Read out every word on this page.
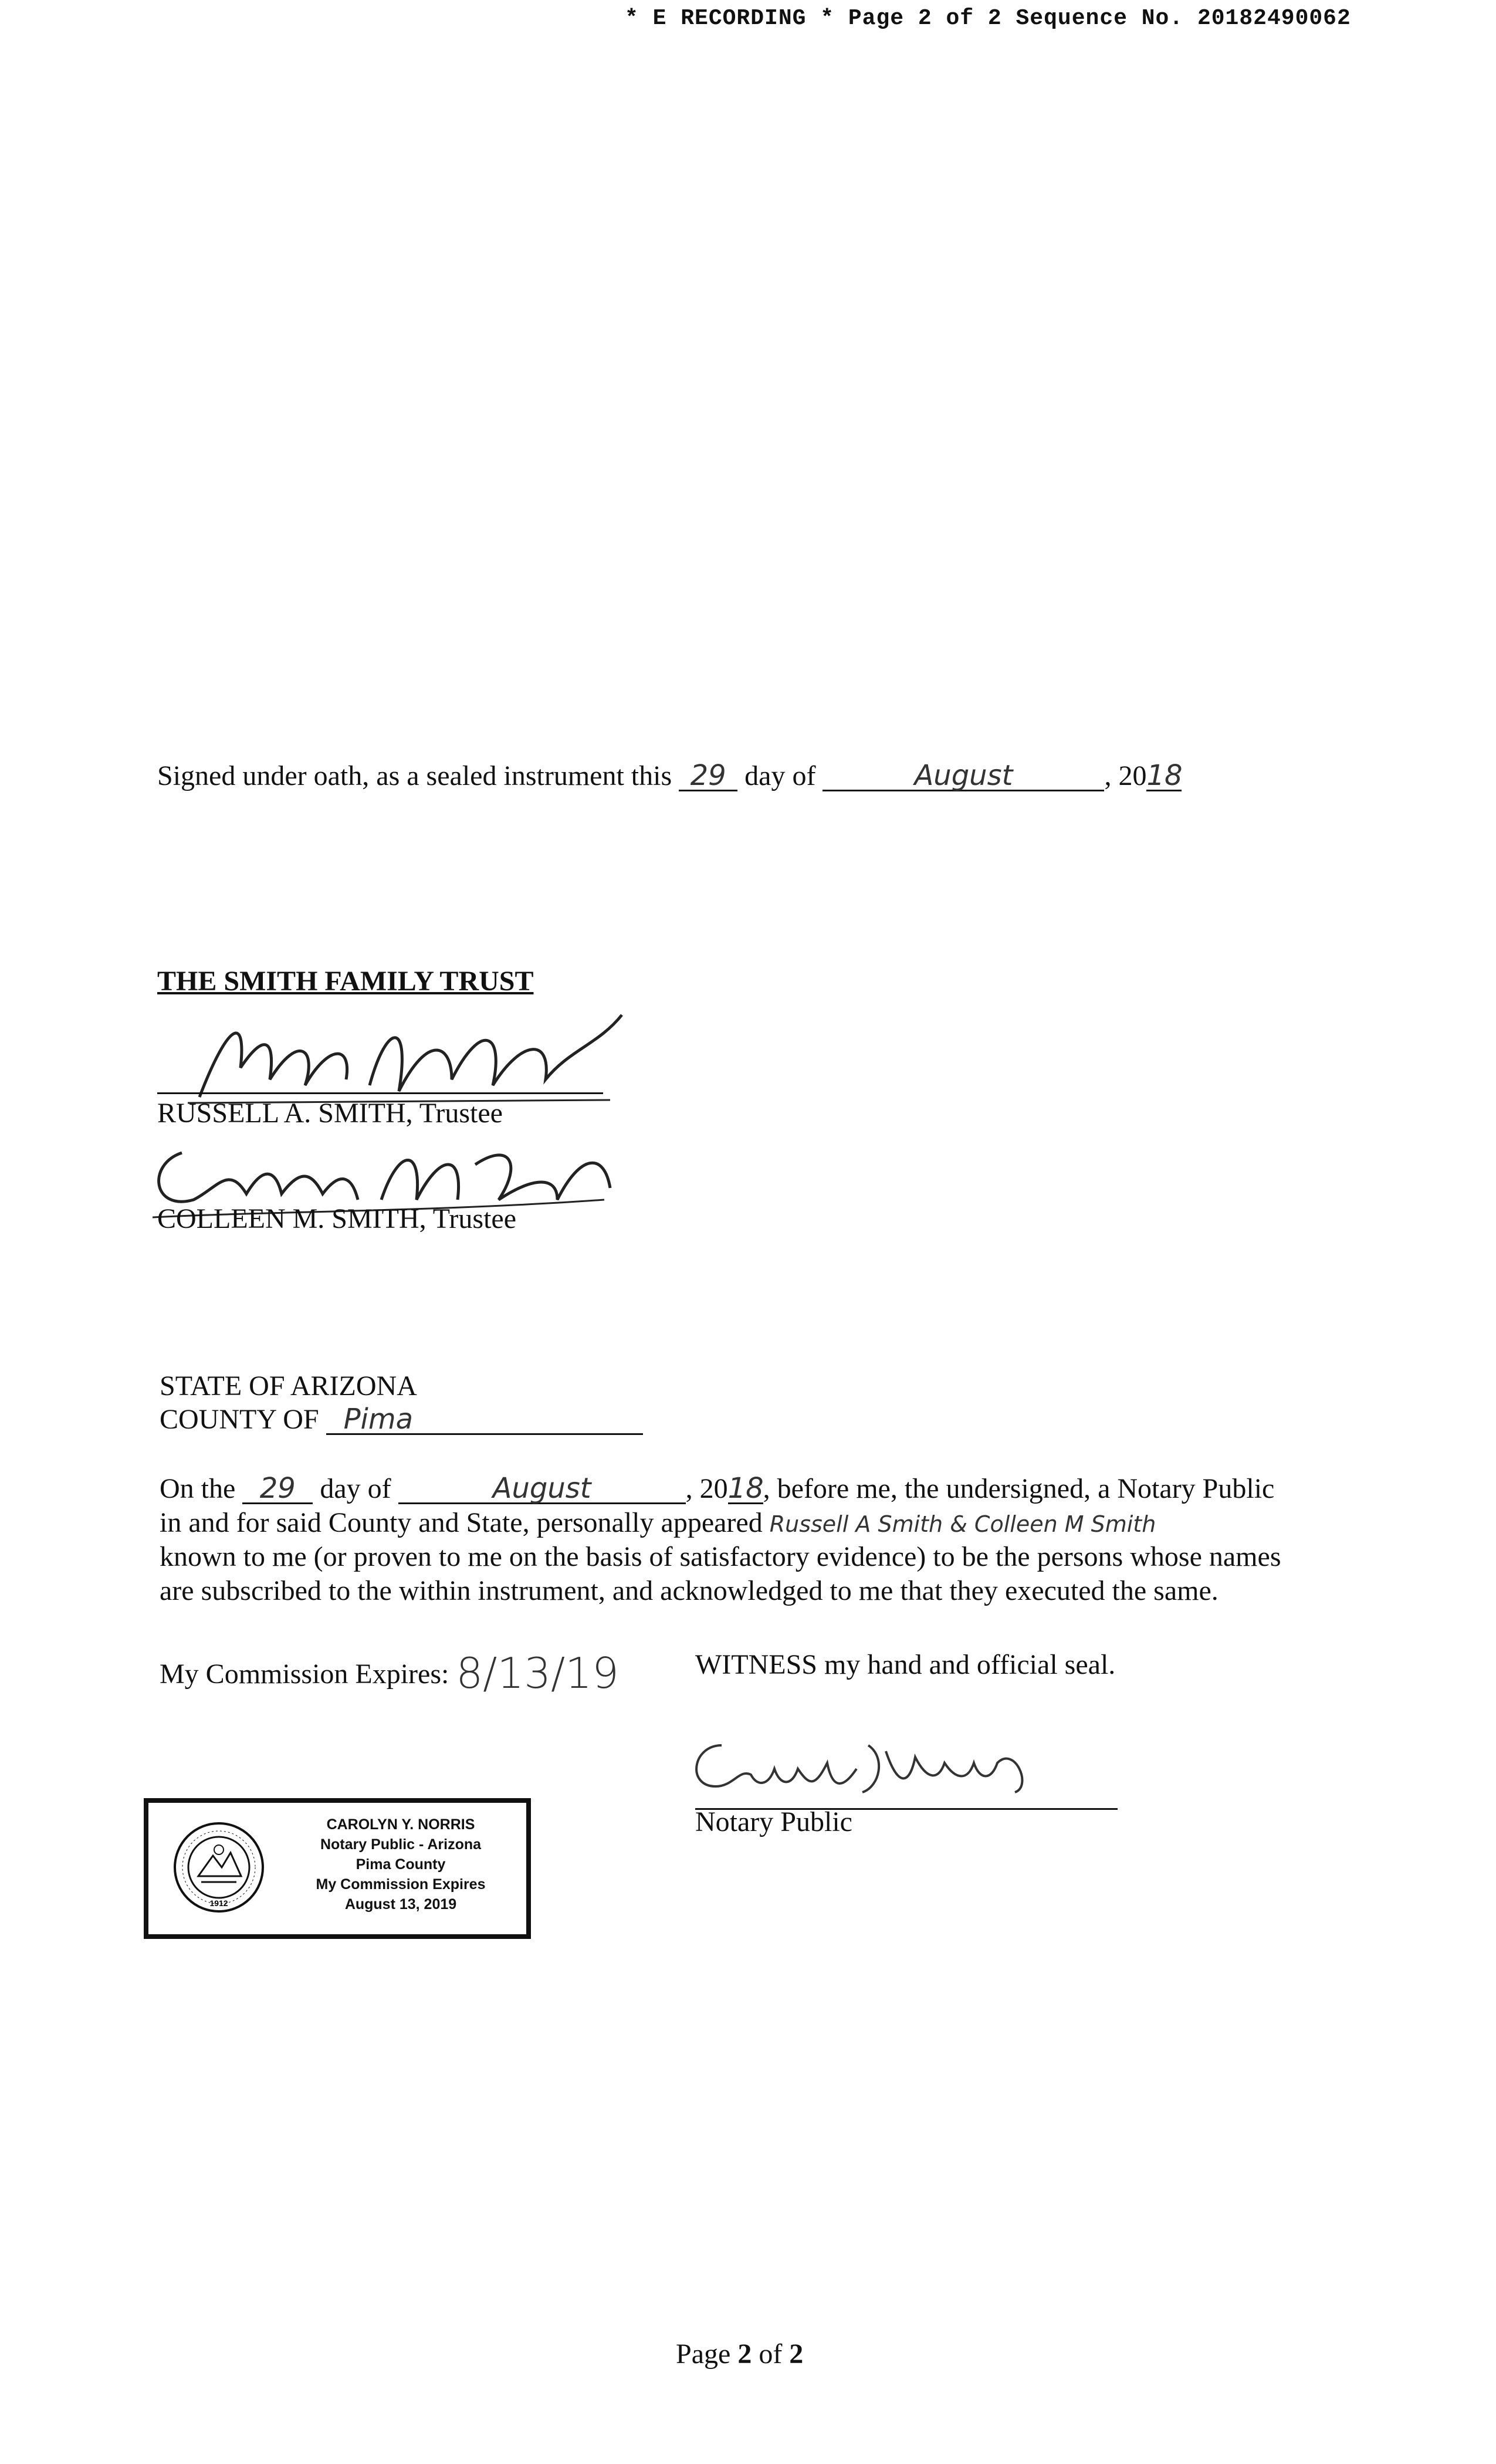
* E RECORDING * Page 2 of 2 Sequence No. 20182490062
Signed under oath, as a sealed instrument this 29 day of	August	, 2018
THE SMITH FAMILY TRUST
RUSSELL A. SMITH, Trustee
COLLEEN M. SMITH, Trustee
STATE OF ARIZONA
COUNTY OF Pima
On the 29 day of	August	, 2018, before me, the undersigned, a Notary Public
in and for said County and State, personally appeared Russell A Smith & Colleen M Smith
known to me (or proven to me on the basis of satisfactory evidence) to be the persons whose names
are subscribed to the within instrument, and acknowledged to me that they executed the same.
My Commission Expires: 8/13/19	WITNESS my hand and official seal.
Notary Public
1912
CAROLYN Y. NORRIS
Notary Public - Arizona
Pima County
My Commission Expires
August 13, 2019
Page 2 of 2
